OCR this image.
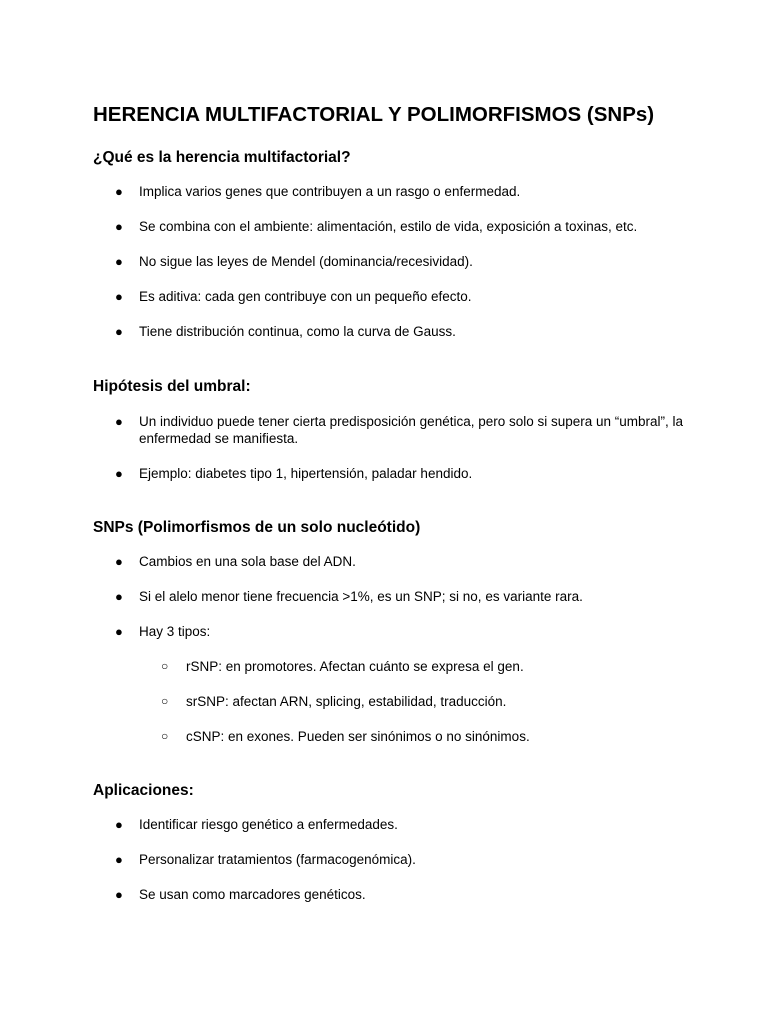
HERENCIA MULTIFACTORIAL Y POLIMORFISMOS (SNPs)
¿Qué es la herencia multifactorial?
● Implica varios genes que contribuyen a un rasgo o enfermedad.
● Se combina con el ambiente: alimentación, estilo de vida, exposición a toxinas, etc.
● No sigue las leyes de Mendel (dominancia/recesividad).
● Es aditiva: cada gen contribuye con un pequeño efecto.
● Tiene distribución continua, como la curva de Gauss.
Hipótesis del umbral:
● Un individuo puede tener cierta predisposición genética, pero solo si supera un “umbral”, la enfermedad se manifiesta.
● Ejemplo: diabetes tipo 1, hipertensión, paladar hendido.
SNPs (Polimorfismos de un solo nucleótido)
● Cambios en una sola base del ADN.
● Si el alelo menor tiene frecuencia >1%, es un SNP; si no, es variante rara.
● Hay 3 tipos:
○ rSNP: en promotores. Afectan cuánto se expresa el gen.
○ srSNP: afectan ARN, splicing, estabilidad, traducción.
○ cSNP: en exones. Pueden ser sinónimos o no sinónimos.
Aplicaciones:
● Identificar riesgo genético a enfermedades.
● Personalizar tratamientos (farmacogenómica).
● Se usan como marcadores genéticos.
